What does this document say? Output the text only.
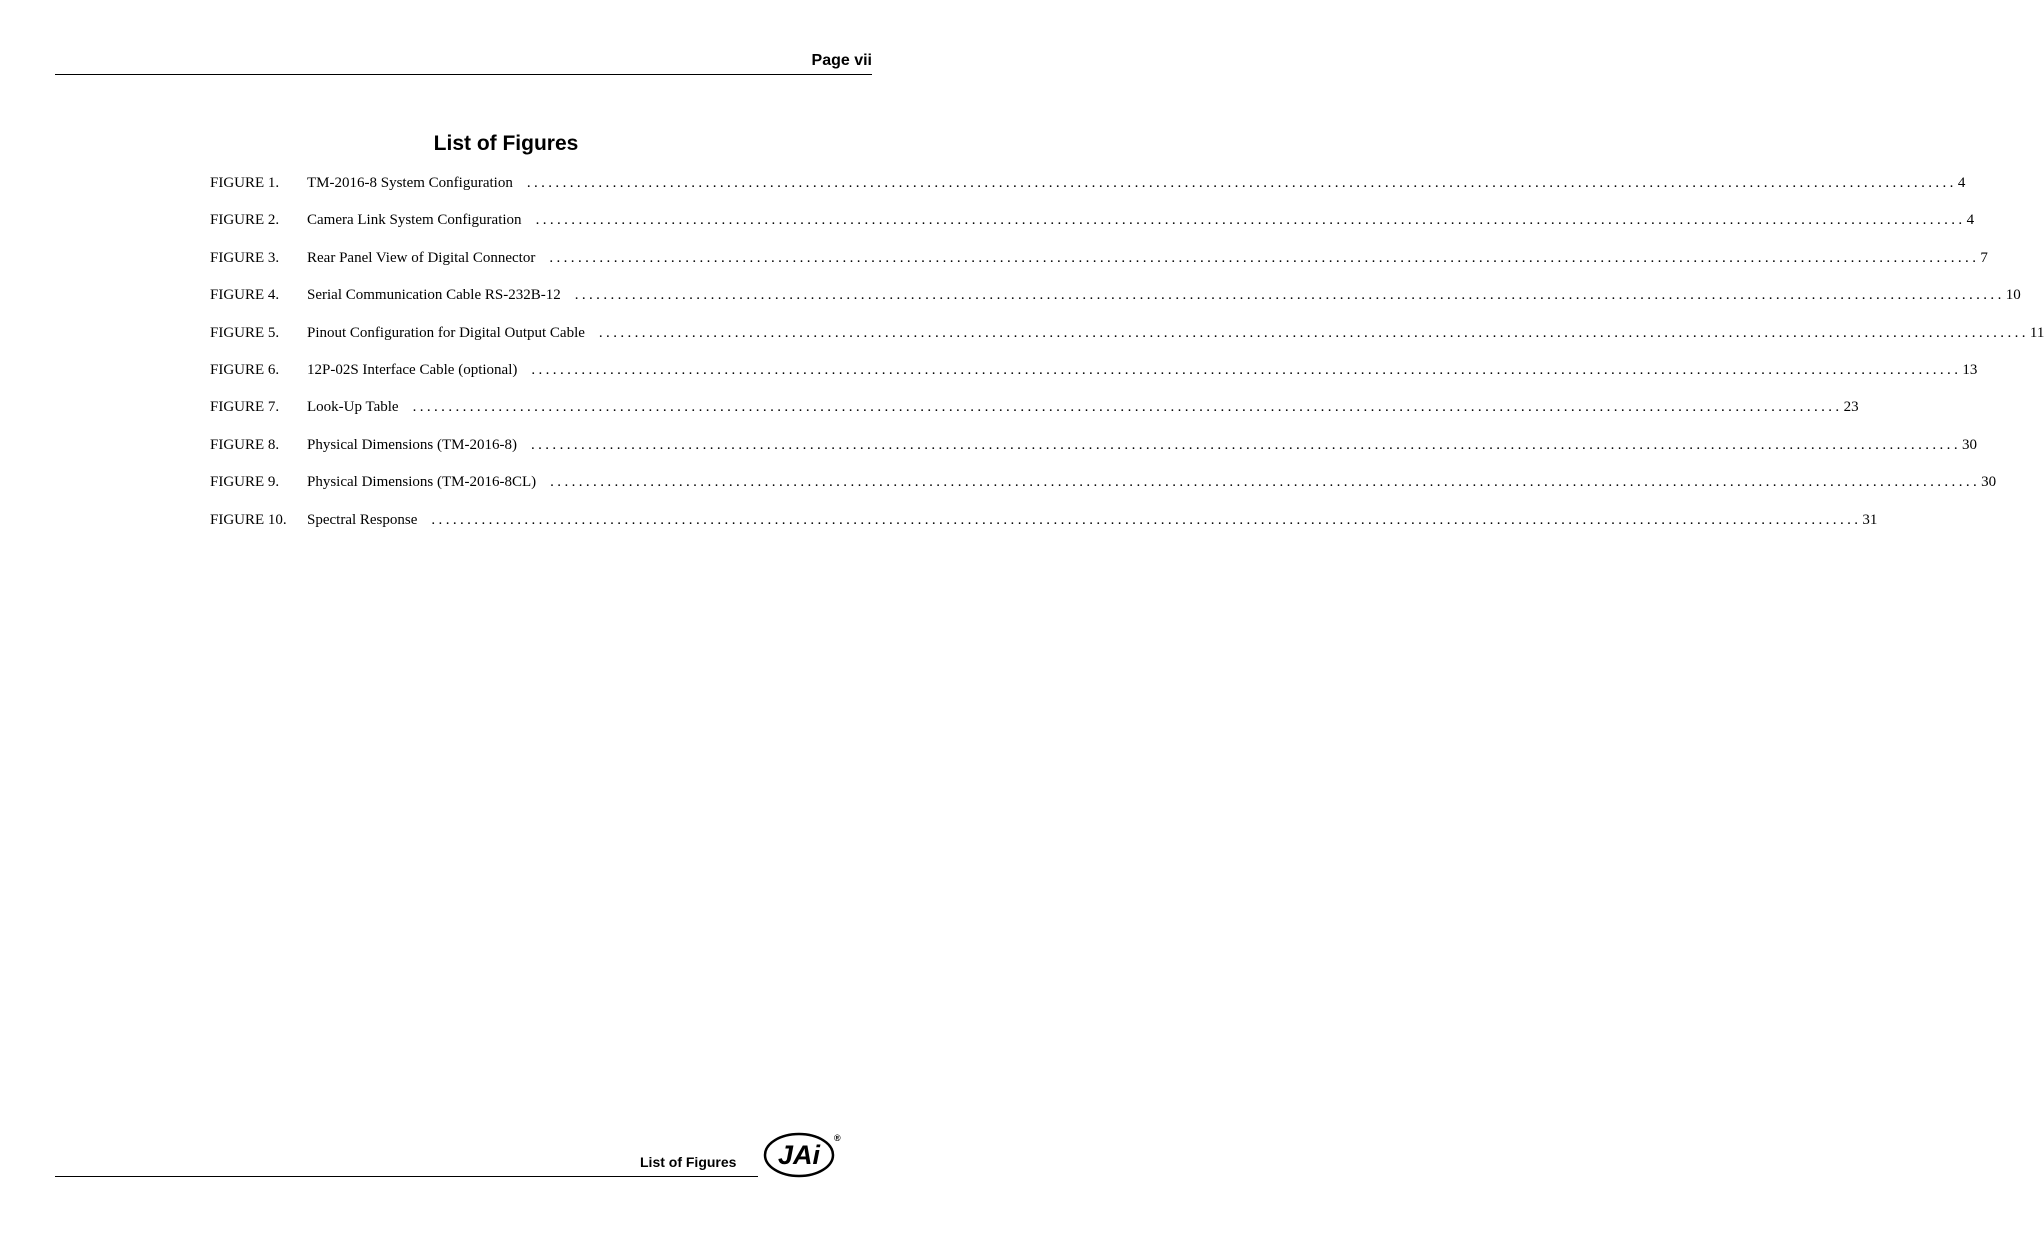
Page vii
List of Figures
FIGURE 1. TM-2016-8 System Configuration ........................................................................................................................................................................................................ 4
FIGURE 2. Camera Link System Configuration ........................................................................................................................................................................................................ 4
FIGURE 3. Rear Panel View of Digital Connector ........................................................................................................................................................................................................ 7
FIGURE 4. Serial Communication Cable RS-232B-12 ........................................................................................................................................................................................................ 10
FIGURE 5. Pinout Configuration for Digital Output Cable ........................................................................................................................................................................................................ 11
FIGURE 6. 12P-02S Interface Cable (optional) ........................................................................................................................................................................................................ 13
FIGURE 7. Look-Up Table ........................................................................................................................................................................................................ 23
FIGURE 8. Physical Dimensions (TM-2016-8) ........................................................................................................................................................................................................ 30
FIGURE 9. Physical Dimensions (TM-2016-8CL) ........................................................................................................................................................................................................ 30
FIGURE 10. Spectral Response ........................................................................................................................................................................................................ 31
List of Figures JAi
®
